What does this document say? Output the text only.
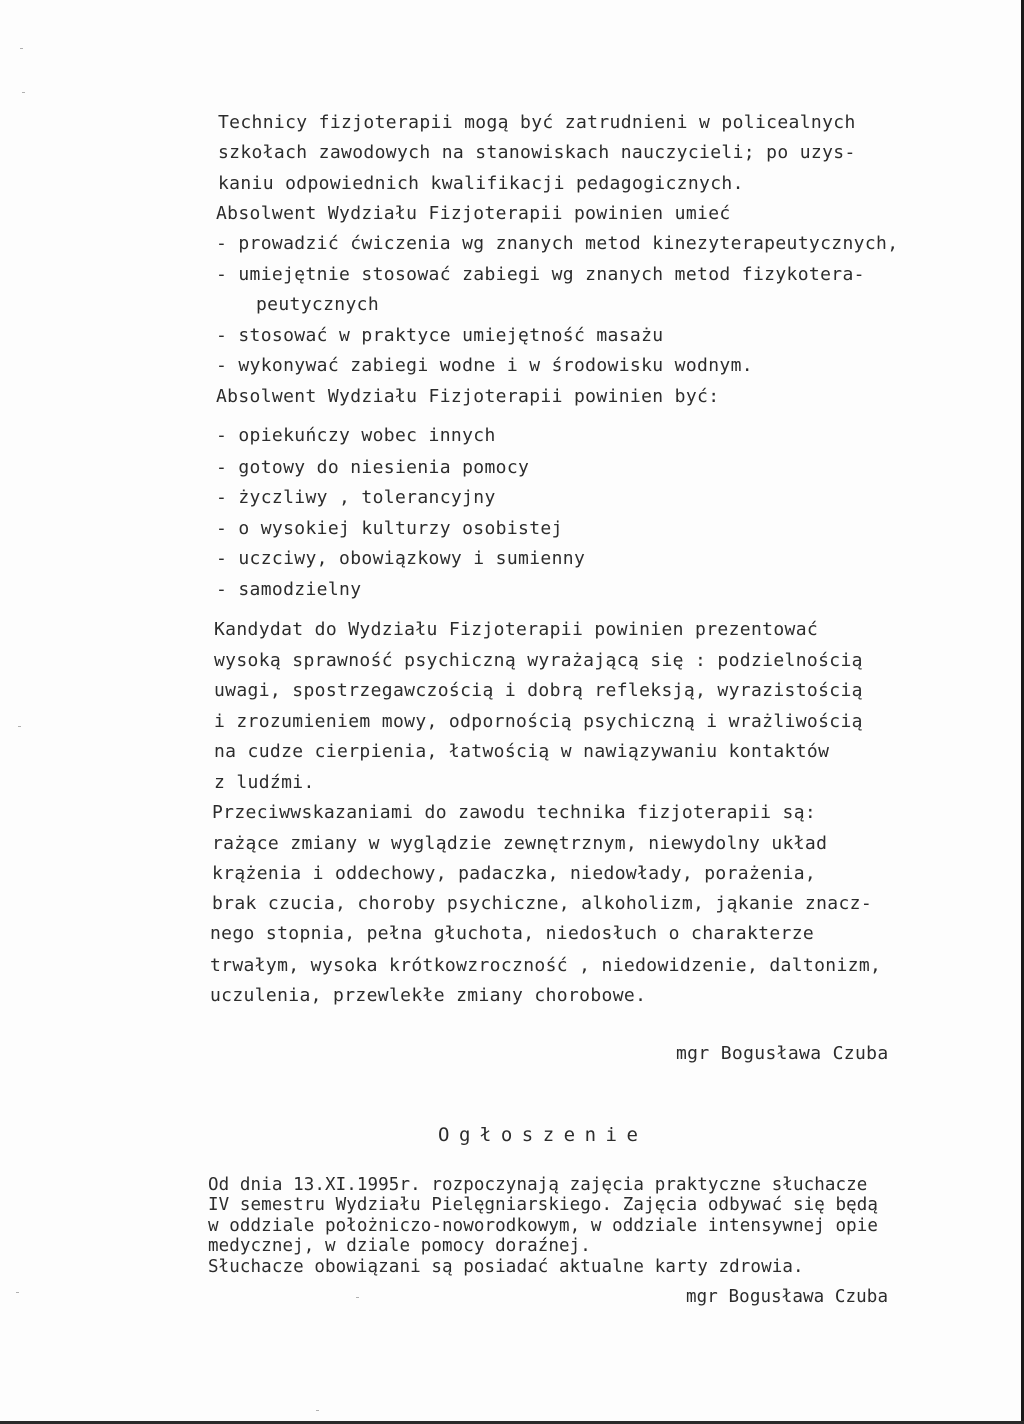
Technicy fizjoterapii mogą być zatrudnieni w policealnych
szkołach zawodowych na stanowiskach nauczycieli; po uzys-
kaniu odpowiednich kwalifikacji pedagogicznych.
Absolwent Wydziału Fizjoterapii powinien umieć
- prowadzić ćwiczenia wg znanych metod kinezyterapeutycznych,
- umiejętnie stosować zabiegi wg znanych metod fizykotera-
peutycznych
- stosować w praktyce umiejętność masażu
- wykonywać zabiegi wodne i w środowisku wodnym.
Absolwent Wydziału Fizjoterapii powinien być:
- opiekuńczy wobec innych
- gotowy do niesienia pomocy
- życzliwy , tolerancyjny
- o wysokiej kulturzy osobistej
- uczciwy, obowiązkowy i sumienny
- samodzielny
Kandydat do Wydziału Fizjoterapii powinien prezentować
wysoką sprawność psychiczną wyrażającą się : podzielnością
uwagi, spostrzegawczością i dobrą refleksją, wyrazistością
i zrozumieniem mowy, odpornością psychiczną i wrażliwością
na cudze cierpienia, łatwością w nawiązywaniu kontaktów
z ludźmi.
Przeciwwskazaniami do zawodu technika fizjoterapii są:
rażące zmiany w wyglądzie zewnętrznym, niewydolny układ
krążenia i oddechowy, padaczka, niedowłady, porażenia,
brak czucia, choroby psychiczne, alkoholizm, jąkanie znacz-
nego stopnia, pełna głuchota, niedosłuch o charakterze
trwałym, wysoka krótkowzroczność , niedowidzenie, daltonizm,
uczulenia, przewlekłe zmiany chorobowe.
mgr Bogusława Czuba
Ogłoszenie
Od dnia 13.XI.1995r. rozpoczynają zajęcia praktyczne słuchacze
IV semestru Wydziału Pielęgniarskiego. Zajęcia odbywać się będą
w oddziale położniczo-noworodkowym, w oddziale intensywnej opie
medycznej, w dziale pomocy doraźnej.
Słuchacze obowiązani są posiadać aktualne karty zdrowia.
mgr Bogusława Czuba
